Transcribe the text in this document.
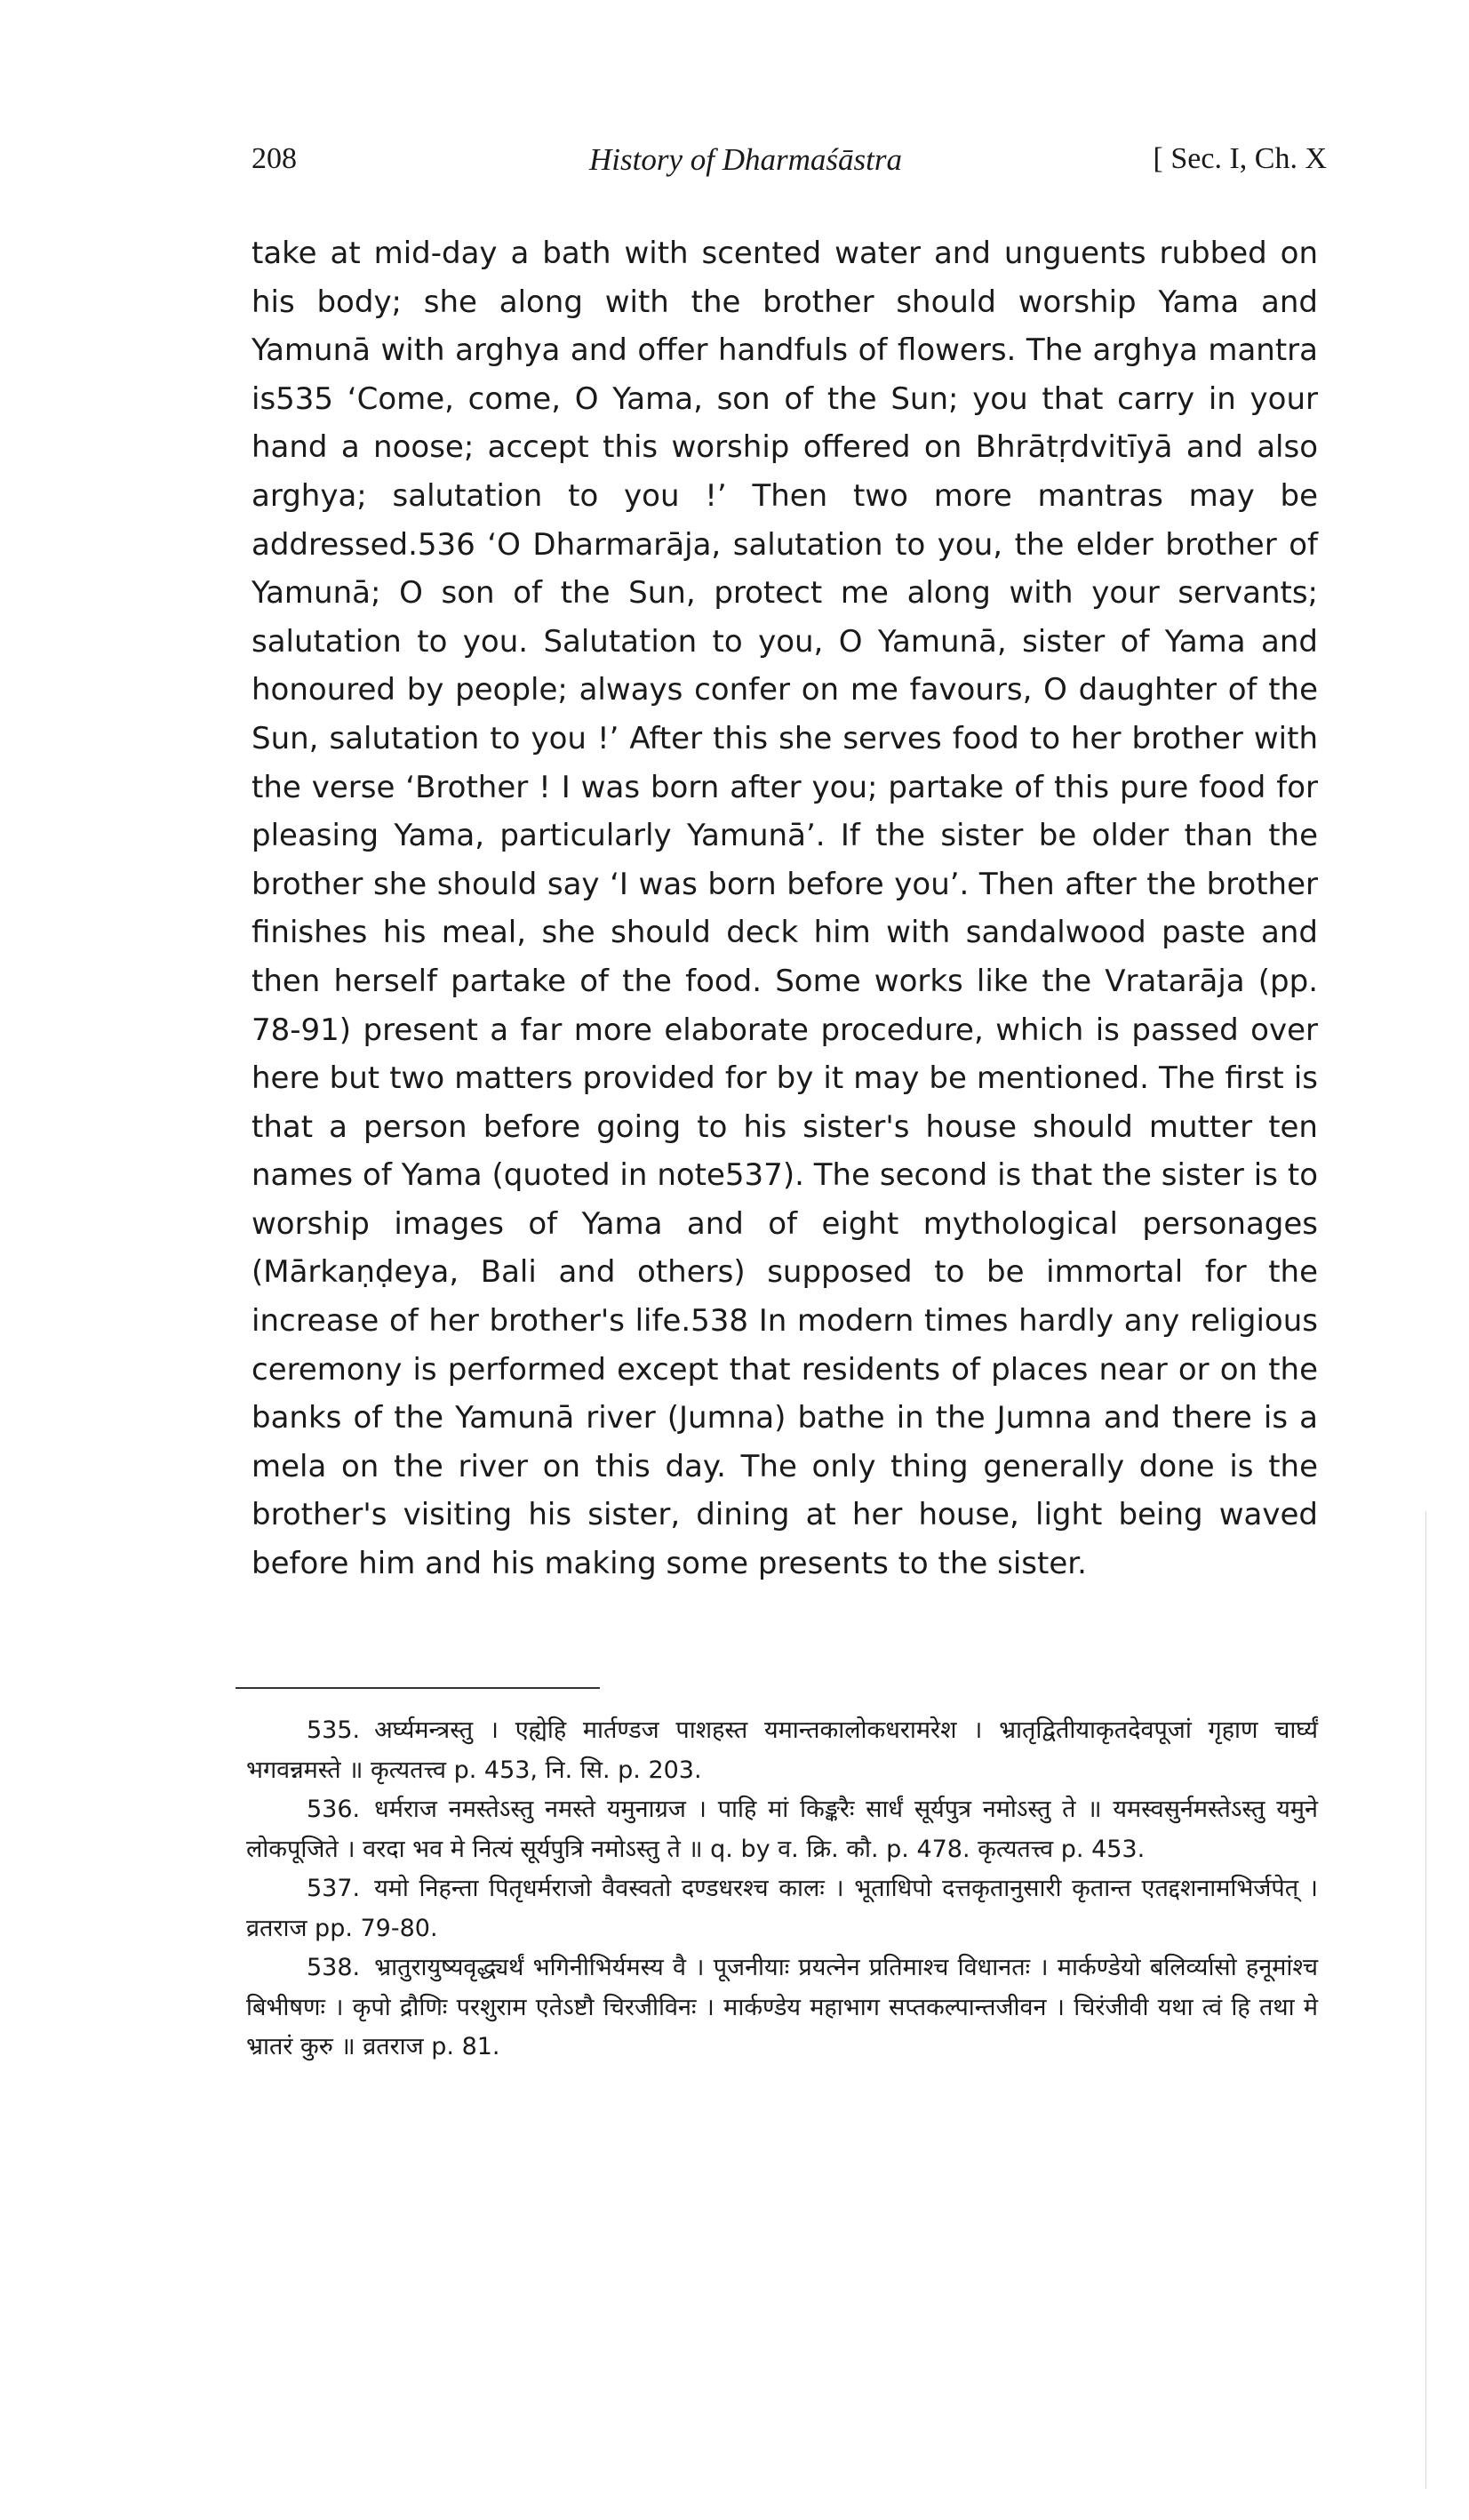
208	History of Dharmaśāstra	[ Sec. I, Ch. X

take at mid-day a bath with scented water and unguents rubbed on his body; she along with the brother should worship Yama and Yamunā with arghya and offer handfuls of flowers. The arghya mantra is535 ‘Come, come, O Yama, son of the Sun; you that carry in your hand a noose; accept this worship offered on Bhrātṛdvitīyā and also arghya; salutation to you !’ Then two more mantras may be addressed.536 ‘O Dharmarāja, salutation to you, the elder brother of Yamunā; O son of the Sun, protect me along with your servants; salutation to you. Salutation to you, O Yamunā, sister of Yama and honoured by people; always confer on me favours, O daughter of the Sun, salutation to you !’ After this she serves food to her brother with the verse ‘Brother ! I was born after you; partake of this pure food for pleasing Yama, particularly Yamunā’. If the sister be older than the brother she should say ‘I was born before you’. Then after the brother finishes his meal, she should deck him with sandalwood paste and then herself partake of the food. Some works like the Vratarāja (pp. 78-91) present a far more elaborate procedure, which is passed over here but two matters provided for by it may be mentioned. The first is that a person before going to his sister's house should mutter ten names of Yama (quoted in note537). The second is that the sister is to worship images of Yama and of eight mythological personages (Mārkaṇḍeya, Bali and others) supposed to be immortal for the increase of her brother's life.538 In modern times hardly any religious ceremony is performed except that residents of places near or on the banks of the Yamunā river (Jumna) bathe in the Jumna and there is a mela on the river on this day. The only thing generally done is the brother's visiting his sister, dining at her house, light being waved before him and his making some presents to the sister.

535. अर्घ्यमन्त्रस्तु । एह्येहि मार्तण्डज पाशहस्त यमान्तकालोकधरामरेश । भ्रातृद्वितीयाकृतदेवपूजां गृहाण चार्घ्यं भगवन्नमस्ते ॥ कृत्यतत्त्व p. 453, नि. सि. p. 203.

536. धर्मराज नमस्तेऽस्तु नमस्ते यमुनाग्रज । पाहि मां किङ्करैः सार्धं सूर्यपुत्र नमोऽस्तु ते ॥ यमस्वसुर्नमस्तेऽस्तु यमुने लोकपूजिते । वरदा भव मे नित्यं सूर्यपुत्रि नमोऽस्तु ते ॥ q. by व. क्रि. कौ. p. 478. कृत्यतत्त्व p. 453.

537. यमो निहन्ता पितृधर्मराजो वैवस्वतो दण्डधरश्च कालः । भूताधिपो दत्तकृतानुसारी कृतान्त एतद्दशनामभिर्जपेत् । व्रतराज pp. 79-80.

538. भ्रातुरायुष्यवृद्ध्यर्थं भगिनीभिर्यमस्य वै । पूजनीयाः प्रयत्नेन प्रतिमाश्च विधानतः । मार्कण्डेयो बलिर्व्यासो हनूमांश्च बिभीषणः । कृपो द्रौणिः परशुराम एतेऽष्टौ चिरजीविनः । मार्कण्डेय महाभाग सप्तकल्पान्तजीवन । चिरंजीवी यथा त्वं हि तथा मे भ्रातरं कुरु ॥ व्रतराज p. 81.
